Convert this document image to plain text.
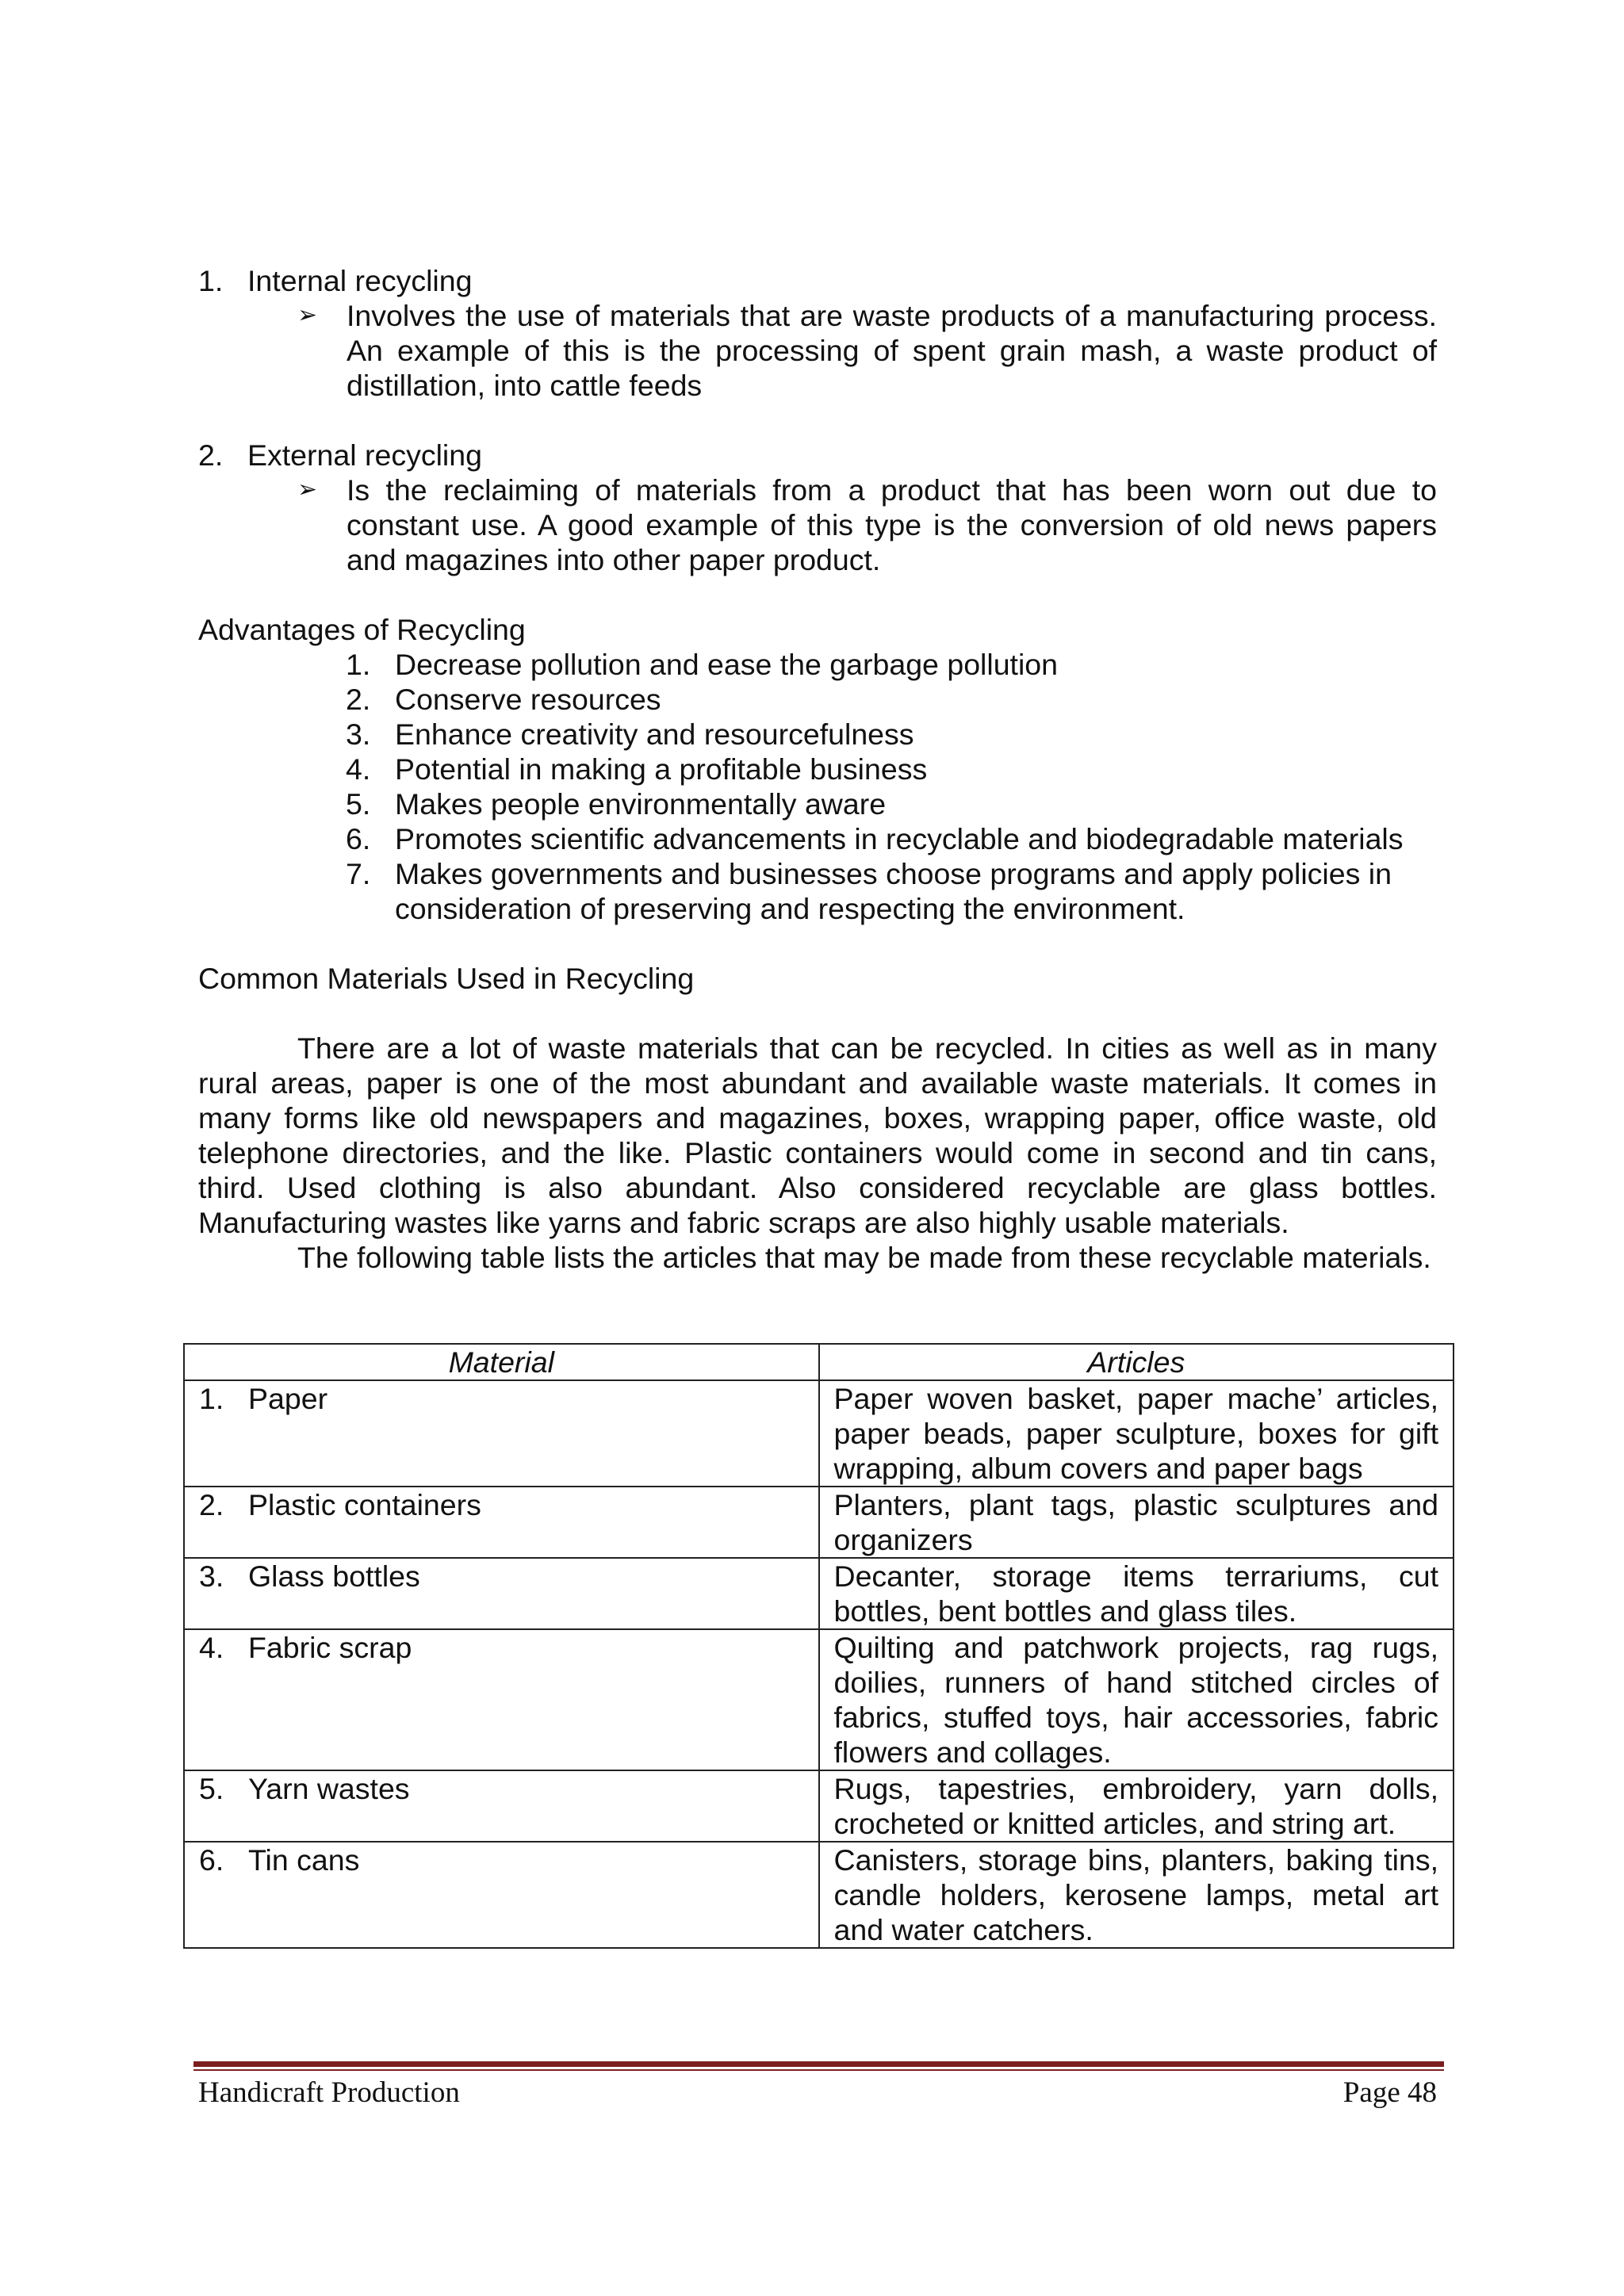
1. Internal recycling
➢ Involves the use of materials that are waste products of a manufacturing process. An example of this is the processing of spent grain mash, a waste product of distillation, into cattle feeds
2. External recycling
➢ Is the reclaiming of materials from a product that has been worn out due to constant use. A good example of this type is the conversion of old news papers and magazines into other paper product.
Advantages of Recycling
1. Decrease pollution and ease the garbage pollution
2. Conserve resources
3. Enhance creativity and resourcefulness
4. Potential in making a profitable business
5. Makes people environmentally aware
6. Promotes scientific advancements in recyclable and biodegradable materials
7. Makes governments and businesses choose programs and apply policies in consideration of preserving and respecting the environment.
Common Materials Used in Recycling
There are a lot of waste materials that can be recycled. In cities as well as in many rural areas, paper is one of the most abundant and available waste materials. It comes in many forms like old newspapers and magazines, boxes, wrapping paper, office waste, old telephone directories, and the like. Plastic containers would come in second and tin cans, third. Used clothing is also abundant. Also considered recyclable are glass bottles. Manufacturing wastes like yarns and fabric scraps are also highly usable materials.
The following table lists the articles that may be made from these recyclable materials.
Material	Articles

1. Paper	Paper woven basket, paper mache’ articles, paper beads, paper sculpture, boxes for gift wrapping, album covers and paper bags

2. Plastic containers	Planters, plant tags, plastic sculptures and organizers

3. Glass bottles	Decanter, storage items terrariums, cut bottles, bent bottles and glass tiles.

4. Fabric scrap	Quilting and patchwork projects, rag rugs, doilies, runners of hand stitched circles of fabrics, stuffed toys, hair accessories, fabric flowers and collages.

5. Yarn wastes	Rugs, tapestries, embroidery, yarn dolls, crocheted or knitted articles, and string art.

6. Tin cans	Canisters, storage bins, planters, baking tins, candle holders, kerosene lamps, metal art and water catchers.
Handicraft Production	Page 48
